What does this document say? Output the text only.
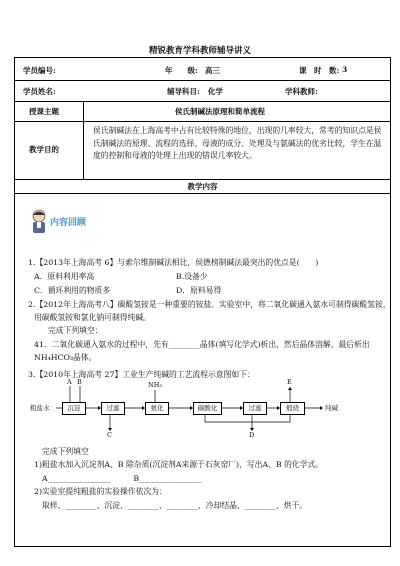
精锐教育学科教师辅导讲义
学员编号:	年　　级: 高三	课　时　数: 3
学员姓名:	辅导科目: 化学	学科教师:
授课主题	侯氏制碱法原理和简单流程
教学目的
侯氏制碱法在上海高考中占有比较特殊的地位，出现的几率较大，常考的知识点是侯氏制碱法的原理、流程的选择、母液的成分、处理及与氨碱法的优劣比较，学生在温度的控制和母液的处理上出现的错误几率较大。
教学内容
内容回顾
1.【2013年上海高考 6】与索尔维制碱法相比，侯德榜制碱法最突出的优点是(　　)
A．原料利用率高	B.设备少
C．循环利用的物质多	D．原料易得
2.【2012年上海高考八】碳酸氢铵是一种重要的铵盐。实验室中，将二氧化碳通入氨水可制得碳酸氢铵，
用碳酸氢铵和氯化钠可制得纯碱。
完成下列填空：
41．二氧化碳通入氨水的过程中，先有________晶体(填写化学式)析出，然后晶体溶解，最后析出
NH₄HCO₃晶体。
3.【2010年上海高考 27】工业生产纯碱的工艺流程示意图如下：
粗盐水	沉淀	过滤	氨化	碳酸化	过滤	煅烧	纯碱
A B	NH₃
C	D
E
完成下列填空
1)粗盐水加入沉淀剂A、B 除杂质(沉淀剂A来源于石灰窑厂)，写出A、B 的化学式。
A________________　　　B________________
2)实验室提纯粗盐的实验操作依次为：
取样、________、沉淀、________、________、冷却结晶、________、烘干。
